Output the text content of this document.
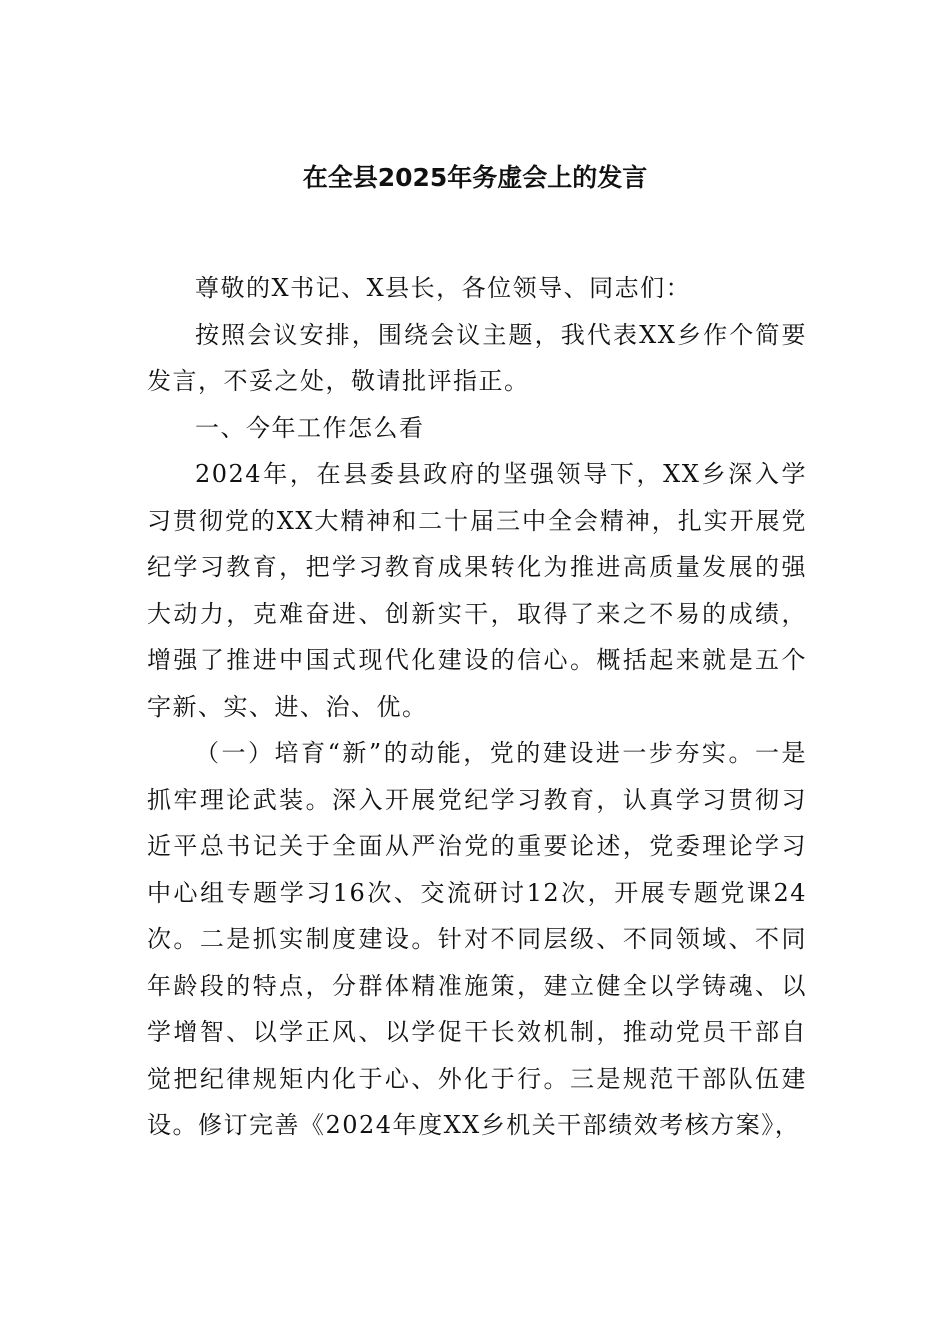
在全县2025年务虚会上的发言

尊敬的X书记、X县长，各位领导、同志们：

按照会议安排，围绕会议主题，我代表XX乡作个简要发言，不妥之处，敬请批评指正。

一、今年工作怎么看

2024年，在县委县政府的坚强领导下，XX乡深入学习贯彻党的XX大精神和二十届三中全会精神，扎实开展党纪学习教育，把学习教育成果转化为推进高质量发展的强大动力，克难奋进、创新实干，取得了来之不易的成绩，增强了推进中国式现代化建设的信心。概括起来就是五个字新、实、进、治、优。

（一）培育“新”的动能，党的建设进一步夯实。一是抓牢理论武装。深入开展党纪学习教育，认真学习贯彻习近平总书记关于全面从严治党的重要论述，党委理论学习中心组专题学习16次、交流研讨12次，开展专题党课24次。二是抓实制度建设。针对不同层级、不同领域、不同年龄段的特点，分群体精准施策，建立健全以学铸魂、以学增智、以学正风、以学促干长效机制，推动党员干部自觉把纪律规矩内化于心、外化于行。三是规范干部队伍建设。修订完善《2024年度XX乡机关干部绩效考核方案》，
